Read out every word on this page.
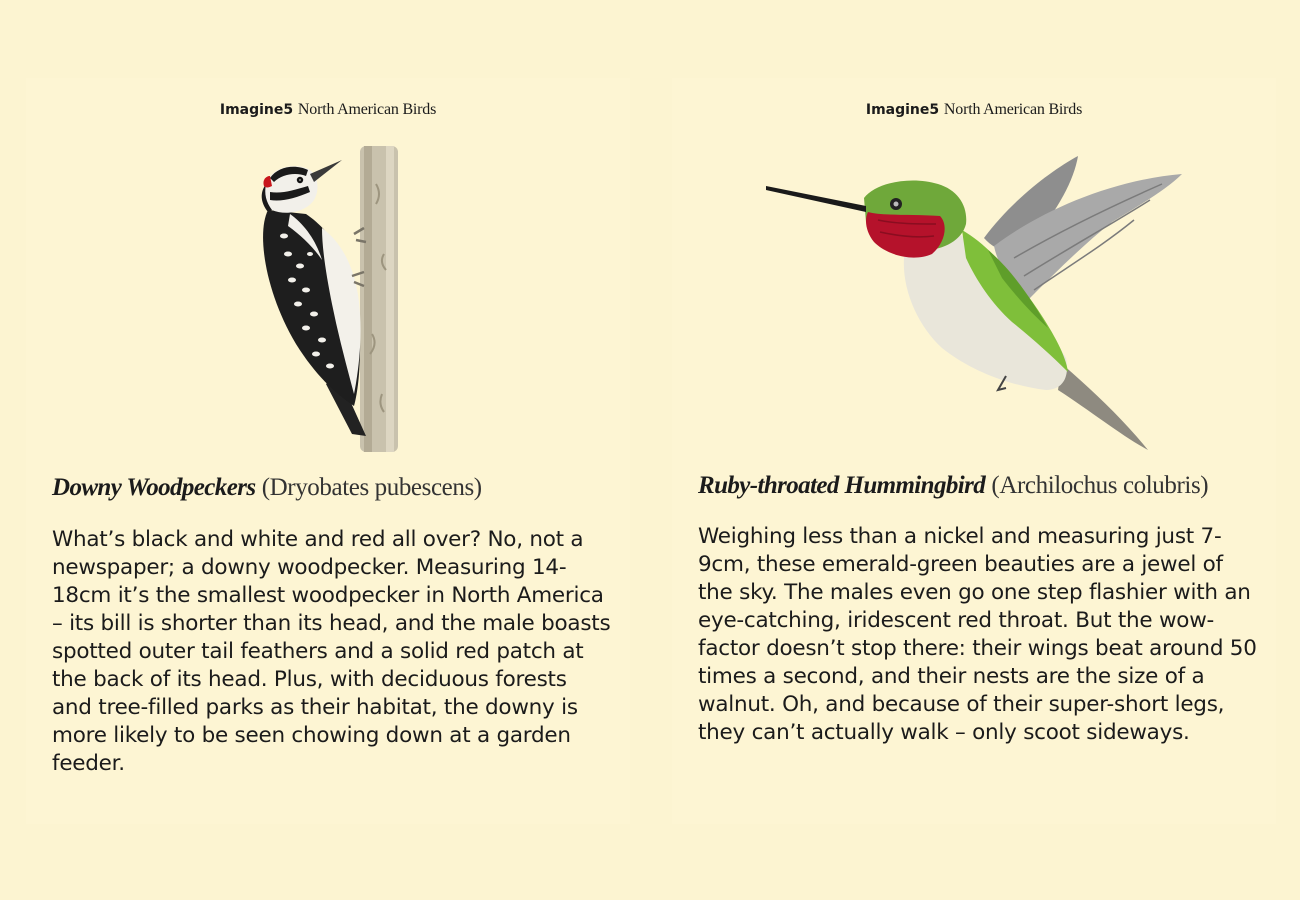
Imagine5 North American Birds
Downy Woodpeckers (Dryobates pubescens)

What’s black and white and red all over? No, not a newspaper; a downy woodpecker. Measuring 14-18cm it’s the smallest woodpecker in North America – its bill is shorter than its head, and the male boasts spotted outer tail feathers and a solid red patch at the back of its head. Plus, with deciduous forests and tree-filled parks as their habitat, the downy is more likely to be seen chowing down at a garden feeder.

Imagine5 North American Birds
Ruby-throated Hummingbird (Archilochus colubris)

Weighing less than a nickel and measuring just 7-9cm, these emerald-green beauties are a jewel of the sky. The males even go one step flashier with an eye-catching, iridescent red throat. But the wow-factor doesn’t stop there: their wings beat around 50 times a second, and their nests are the size of a walnut. Oh, and because of their super-short legs, they can’t actually walk – only scoot sideways.
